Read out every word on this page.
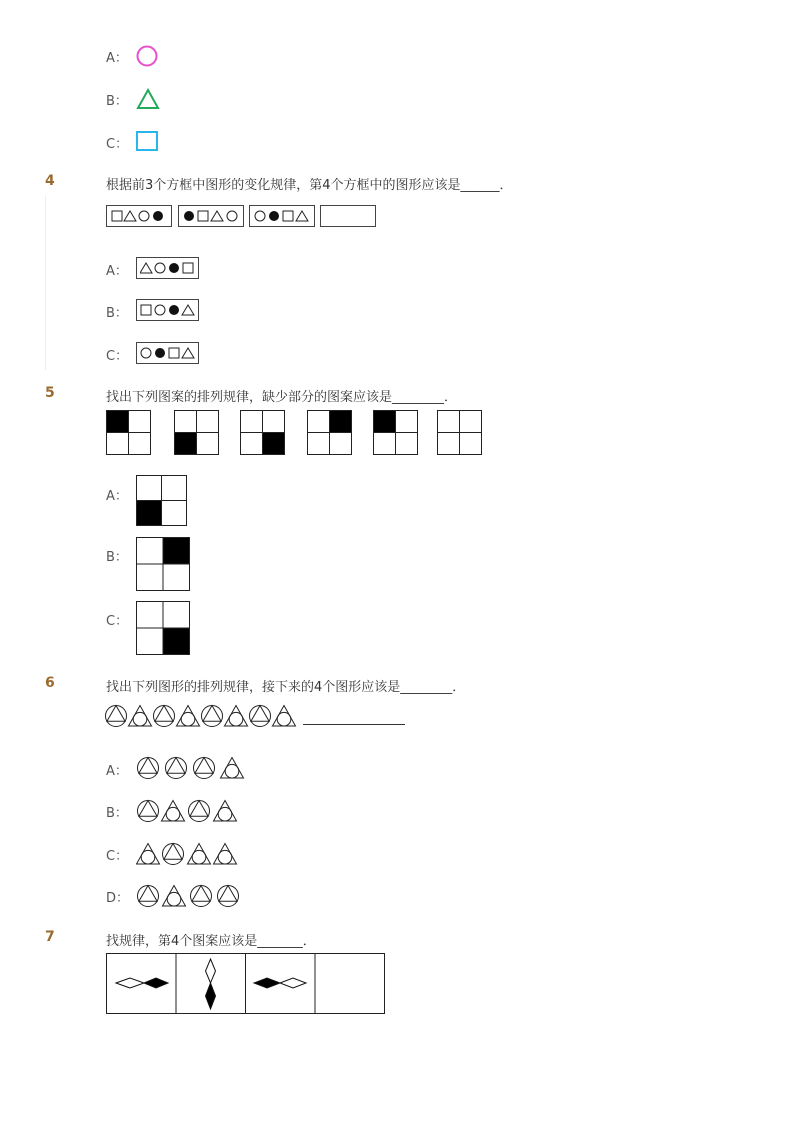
A：
B：
C：
4	根据前3个方框中图形的变化规律，第4个方框中的图形应该是______．
A：
B：
C：
5	找出下列图案的排列规律，缺少部分的图案应该是________．
A：
B：
C：
6	找出下列图形的排列规律，接下来的4个图形应该是________．
A：
B：
C：
D：
7	找规律，第4个图案应该是_______．
